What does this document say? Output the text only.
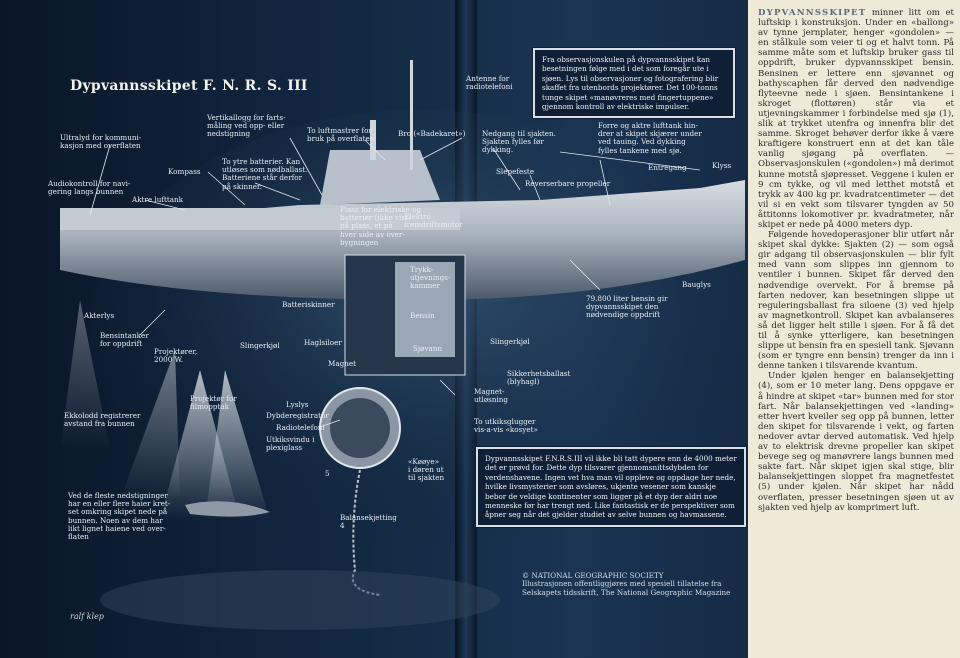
Dypvannsskipet F. N. R. S. III
Ultralyd for kommuni-
kasjon med overflaten
Kompass
Vertikallogg for farts-
måling ved opp- eller
nedstigning	To luftmastrer for
bruk på overflaten
Bro («Badekaret»)
Antenne for
radiotelefoni
Audiokontroll for navi-
gering langs bunnen
To ytre batterier. Kan
utløses som nødballast.
Batteriene står derfor
på skinner.
Aktre lufttank
Nedgang til sjakten.
Sjakten fylles før
dykking.
Forre og aktre lufttank hin-
drer at skipet skjærer under
ved tauing. Ved dykking
fylles tankene med sjø.
Slepefeste
Reverserbare propeller
Entregang	Klyss
Plass for elektriske og
batterier (ikke vist)
på plass, et på
hver side av over-
bygningen
Elektro
fremdriftsmotor
Trykk-
utjevnings-
kammer
Bensin
Sjøvann
Batteriskinner
Akterlys
Bensintanker
for oppdrift
79.800 liter bensin gir
dypvannsskipet den
nødvendige oppdrift
Bauglys
Haglsiloer
Slingerkjøl	Slingerkjøl
Magnet
Projektører,
2000 W.
Sikkerhetsballast
(blyhagl)
Projektør for
filmopptak	Lyslys
Magnet-
utløsning
Dybderegistrator
Radiotelefoni
Utkiksvindu i
plexiglass
To utkiksglugger
vis-a-vis «kosyet»
Ekkolodd registrerer
avstand fra bunnen
«Køøye»
i døren ut
til sjakten
5
Balansekjetting
4
Ved de fleste nedstigninger
har en eller flere haier kret-
set omkring skipet nede på
bunnen. Noen av dem har
likt lignet haiene ved over-
flaten
Fra observasjonskulen på dypvannsskipet kan besetningen følge med i det som foregår ute i sjøen. Lys til observasjoner og fotografering blir skaffet fra utenbords projektører. Det 100-tonns tunge skipet «manøvreres med fingertuppene» gjennom kontroll av elektriske impulser.
Dypvannsskipet F.N.R.S.III vil ikke bli tatt dypere enn de 4000 meter det er prøvd for. Dette dyp tilsvarer gjennomsnittsdybden for verdenshavene. Ingen vet hva man vil oppleve og oppdage her nede, hvilke livsmysterier som avsløres, ukjente vesener som kanskje bebor de veldige kontinenter som ligger på et dyp der aldri noe menneske før har trengt ned. Like fantastisk er de perspektiver som åpner seg når det gjelder studiet av selve bunnen og havmassene.
© NATIONAL GEOGRAPHIC SOCIETY
Illustrasjonen offentliggjøres med spesiell tillatelse fra Selskapets tidsskrift, The National Geographic Magazine
ralf klep

DYPVANNSSKIPET minner litt om et luftskip i konstruksjon. Under en «ballong» av tynne jernplater, henger «gondolen» — en stålkule som veier ti og et halvt tonn. På samme måte som et luftskip bruker gass til oppdrift, bruker dypvannsskipet bensin. Bensinen er lettere enn sjøvannet og bathyscaphen får derved den nødvendige flyteevne nede i sjøen. Bensintankene i skroget (flottøren) står via et utjevningskammer i forbindelse med sjø (1), slik at trykket utenfra og innenfra blir det samme. Skroget behøver derfor ikke å være kraftigere konstruert enn at det kan tåle vanlig sjøgang på overflaten. — Observasjonskulen («gondolen») må derimot kunne motstå sjøpresset. Veggene i kulen er 9 cm tykke, og vil med letthet motstå et trykk av 400 kg pr. kvadratcentimeter — det vil si en vekt som tilsvarer tyngden av 50 åttitonns lokomotiver pr. kvadratmeter, når skipet er nede på 4000 meters dyp.

Følgende hovedoperasjoner blir utført når skipet skal dykke: Sjakten (2) — som også gir adgang til observasjonskulen — blir fylt med vann som slippes inn gjennom to ventiler i bunnen. Skipet får derved den nødvendige overvekt. For å bremse på farten nedover, kan besetningen slippe ut reguleringsballast fra siloene (3) ved hjelp av magnetkontroll. Skipet kan avbalanseres så det ligger helt stille i sjøen. For å få det til å synke ytterligere, kan besetningen slippe ut bensin fra en spesiell tank. Sjøvann (som er tyngre enn bensin) trenger da inn i denne tanken i tilsvarende kvantum.

Under kjølen henger en balansekjetting (4), som er 10 meter lang. Dens oppgave er å hindre at skipet «tar» bunnen med for stor fart. Når balansekjettingen ved «landing» etter hvert kveiler seg opp på bunnen, letter den skipet for tilsvarende i vekt, og farten nedover avtar derved automatisk. Ved hjelp av to elektrisk drevne propeller kan skipet bevege seg og manøvrere langs bunnen med sakte fart. Når skipet igjen skal stige, blir balansekjettingen sloppet fra magnetfestet (5) under kjølen. Når skipet har nådd overflaten, presser besetningen sjøen ut av sjakten ved hjelp av komprimert luft.
